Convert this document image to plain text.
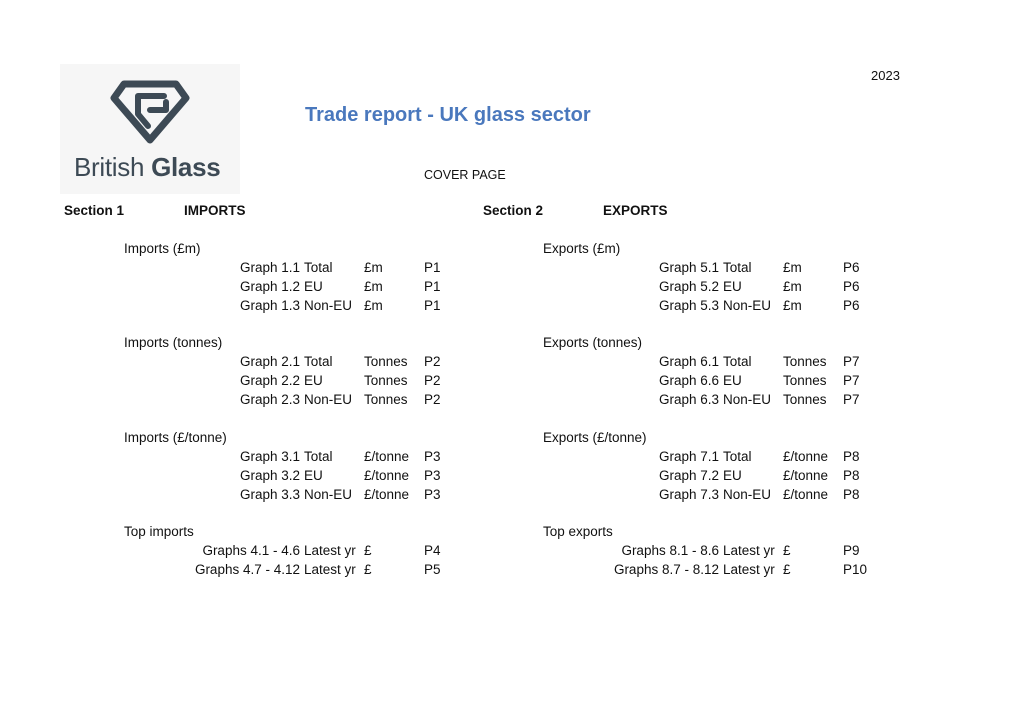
2023
British Glass
Trade report - UK glass sector
COVER PAGE
Section 1	IMPORTS
Imports (£m)
Graph 1.1 Total £m	P1
Graph 1.2 EU	£m	P1
Graph 1.3 Non-EU £m	P1
Imports (tonnes)
Graph 2.1 Total Tonnes P2
Graph 2.2 EU	Tonnes P2
Graph 2.3 Non-EU Tonnes P2
Imports (£/tonne)
Graph 3.1 Total £/tonne P3
Graph 3.2 EU	£/tonne P3
Graph 3.3 Non-EU £/tonne P3
Top imports
Graphs 4.1 - 4.6 Latest yr £	P4
Graphs 4.7 - 4.12 Latest yr £	P5
Section 2	EXPORTS
Exports (£m)
Graph 5.1 Total £m	P6
Graph 5.2 EU	£m	P6
Graph 5.3 Non-EU £m	P6
Exports (tonnes)
Graph 6.1 Total Tonnes P7
Graph 6.6 EU	Tonnes P7
Graph 6.3 Non-EU Tonnes P7
Exports (£/tonne)
Graph 7.1 Total £/tonne P8
Graph 7.2 EU	£/tonne P8
Graph 7.3 Non-EU £/tonne P8
Top exports
Graphs 8.1 - 8.6 Latest yr £	P9
Graphs 8.7 - 8.12 Latest yr £	P10
